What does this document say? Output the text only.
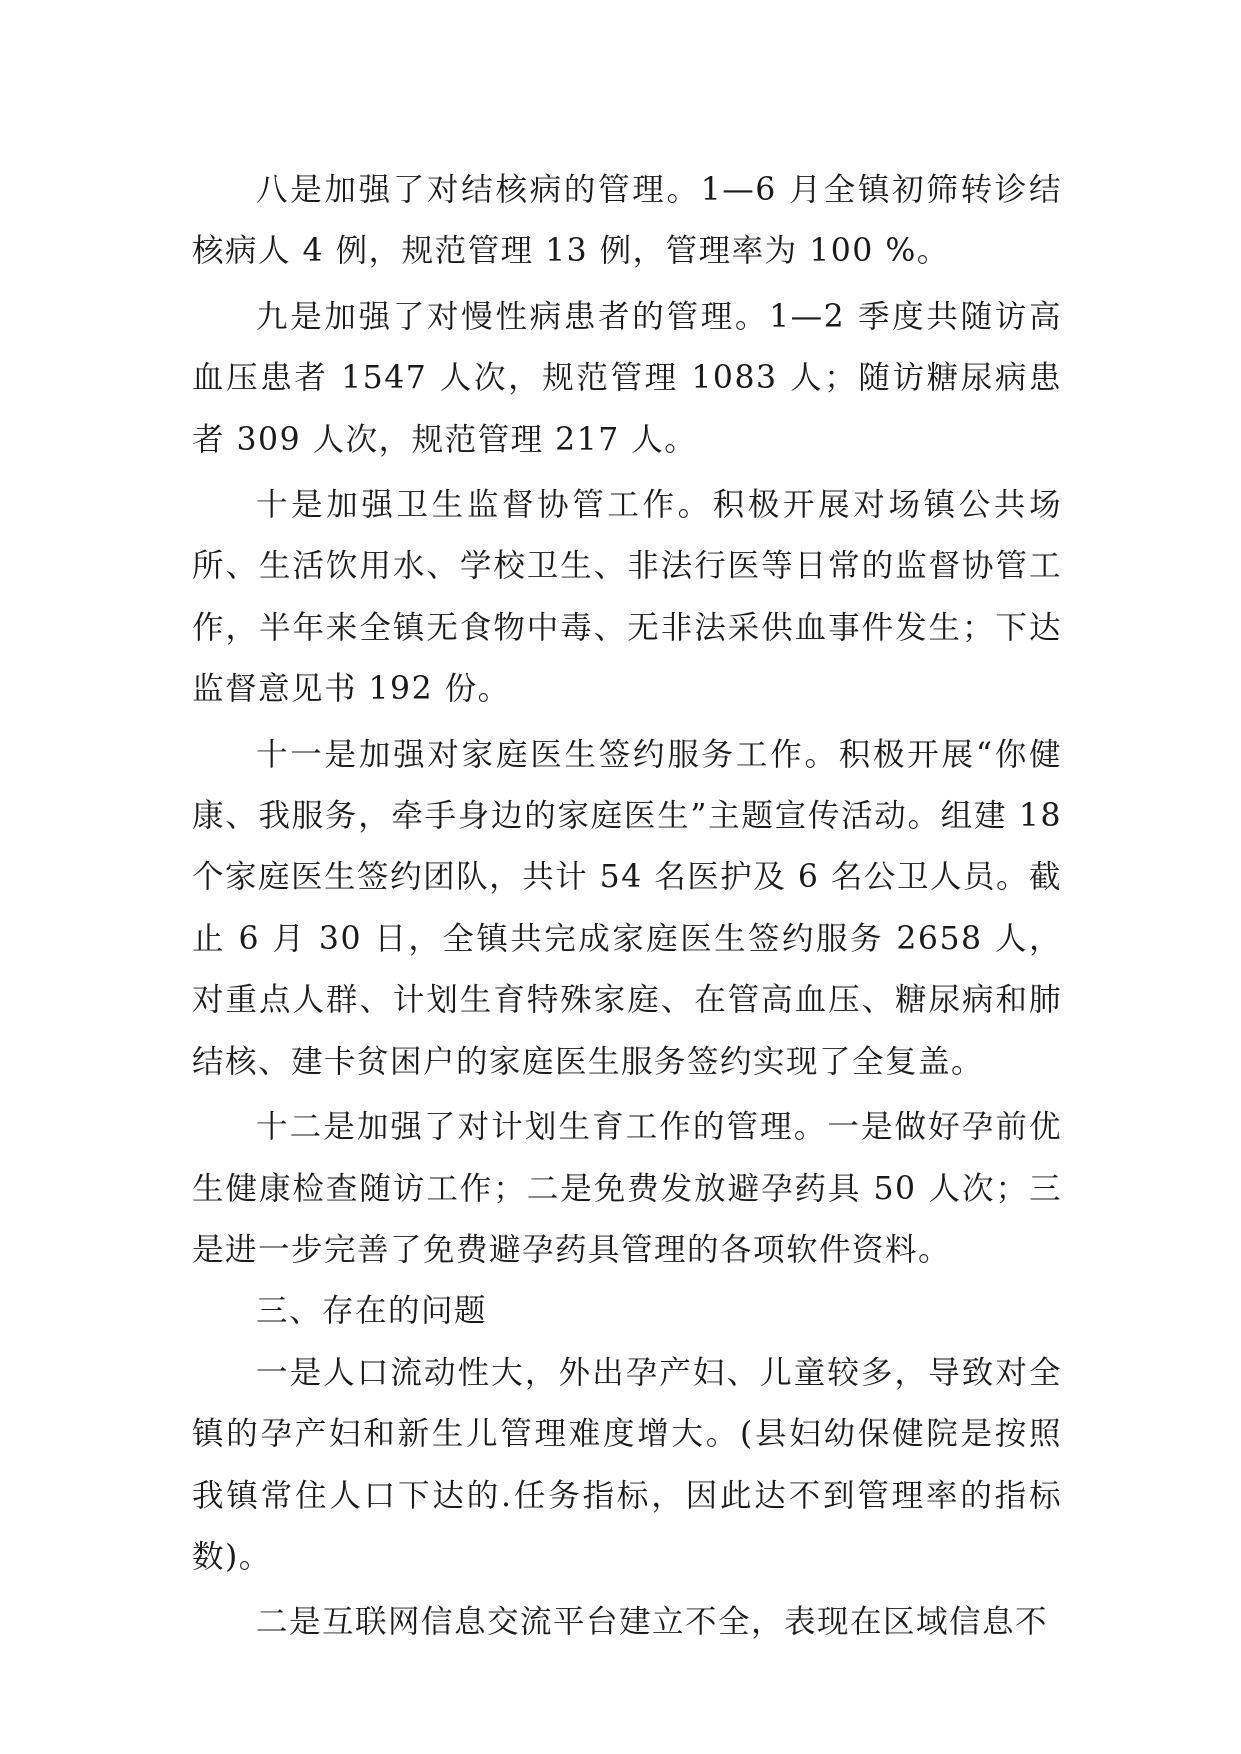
八是加强了对结核病的管理。1—6 月全镇初筛转诊结核病人 4 例，规范管理 13 例，管理率为 100 %。

九是加强了对慢性病患者的管理。1—2 季度共随访高血压患者 1547 人次，规范管理 1083 人；随访糖尿病患者 309 人次，规范管理 217 人。

十是加强卫生监督协管工作。积极开展对场镇公共场所、生活饮用水、学校卫生、非法行医等日常的监督协管工作，半年来全镇无食物中毒、无非法采供血事件发生；下达监督意见书 192 份。

十一是加强对家庭医生签约服务工作。积极开展“你健康、我服务，牵手身边的家庭医生”主题宣传活动。组建 18 个家庭医生签约团队，共计 54 名医护及 6 名公卫人员。截止 6 月 30 日，全镇共完成家庭医生签约服务 2658 人，对重点人群、计划生育特殊家庭、在管高血压、糖尿病和肺结核、建卡贫困户的家庭医生服务签约实现了全复盖。

十二是加强了对计划生育工作的管理。一是做好孕前优生健康检查随访工作；二是免费发放避孕药具 50 人次；三是进一步完善了免费避孕药具管理的各项软件资料。

三、存在的问题

一是人口流动性大，外出孕产妇、儿童较多，导致对全镇的孕产妇和新生儿管理难度增大。(县妇幼保健院是按照我镇常住人口下达的.任务指标，因此达不到管理率的指标数)。

二是互联网信息交流平台建立不全，表现在区域信息不
